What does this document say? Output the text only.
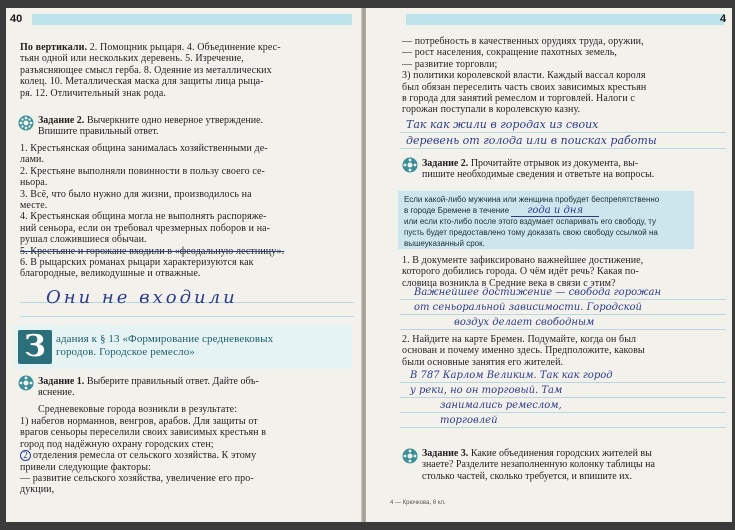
40

По вертикали. 2. Помощник рыцаря. 4. Объединение крес-

тьян одной или нескольких деревень. 5. Изречение,

разъясняющее смысл герба. 8. Одеяние из металлических

колец. 10. Металлическая маска для защиты лица рыца-

ря. 12. Отличительный знак рода.

Задание 2. Вычеркните одно неверное утверждение.

Впишите правильный ответ.

1. Крестьянская община занималась хозяйственными де-

лами.

2. Крестьяне выполняли повинности в пользу своего се-

ньора.

3. Всё, что было нужно для жизни, производилось на

месте.

4. Крестьянская община могла не выполнять распоряже-

ний сеньора, если он требовал чрезмерных поборов и на-

рушал сложившиеся обычаи.

5. Крестьяне и горожане входили в «феодальную лестницу».

6. В рыцарских романах рыцари характеризуются как

благородные, великодушные и отважные.

Они не входили
З адания к § 13 «Формирование средневековых

городов. Городское ремесло»

Задание 1. Выберите правильный ответ. Дайте объ-

яснение.

Средневековые города возникли в результате:

1) набегов норманнов, венгров, арабов. Для защиты от

врагов сеньоры переселили своих зависимых крестьян в

город под надёжную охрану городских стен;

2 отделения ремесла от сельского хозяйства. К этому

привели следующие факторы:

— развитие сельского хозяйства, увеличение его про-

дукции,

4

— потребность в качественных орудиях труда, оружии,

— рост населения, сокращение пахотных земель,

— развитие торговли;

3) политики королевской власти. Каждый вассал короля

был обязан переселить часть своих зависимых крестьян

в города для занятий ремеслом и торговлей. Налоги с

горожан поступали в королевскую казну.

Так как жили в городах из своих

деревень от голода или в поисках работы

Задание 2. Прочитайте отрывок из документа, вы-

пишите необходимые сведения и ответьте на вопросы.

Если какой-либо мужчина или женщина пробудет беспрепятственно

в городе Бремене в течение года и дня

или если кто-либо после этого вздумает оспаривать его свободу, ту

пусть будет предоставлено тому доказать свою свободу ссылкой на

вышеуказанный срок.

1. В документе зафиксировано важнейшее достижение,

которого добились города. О чём идёт речь? Какая по-

словица возникла в Средние века в связи с этим?

Важнейшее достижение — свобода горожан

от сеньоральной зависимости. Городской

воздух делает свободным

2. Найдите на карте Бремен. Подумайте, когда он был

основан и почему именно здесь. Предположите, каковы

были основные занятия его жителей.

В 787 Карлом Великим. Так как город

у реки, но он торговый. Там

занимались ремеслом,

торговлей

Задание 3. Какие объединения городских жителей вы

знаете? Разделите незаполненную колонку таблицы на

столько частей, сколько требуется, и впишите их.

4 — Крючкова, 6 кл.
